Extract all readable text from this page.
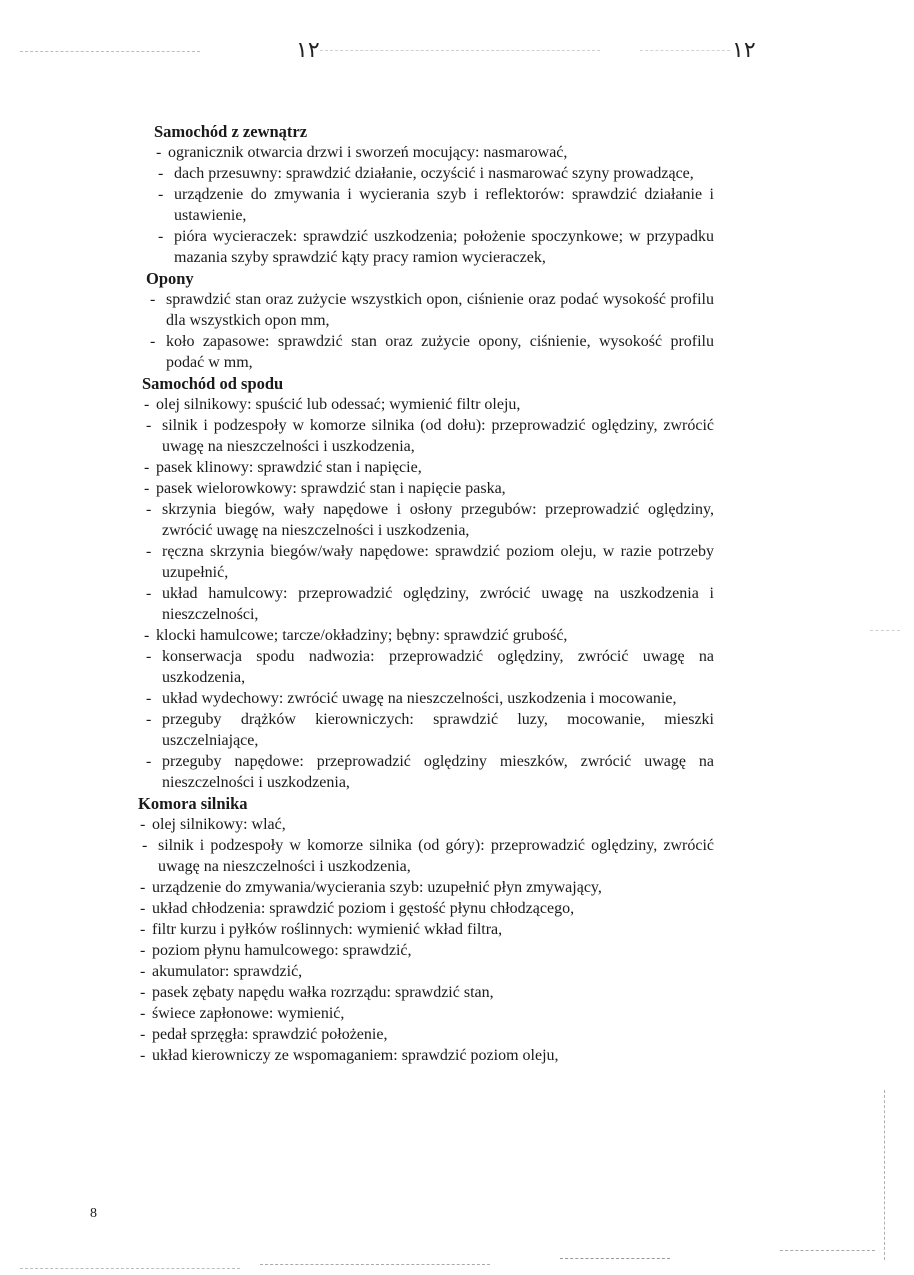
۱۲	۱۲

Samochód z zewnątrz

- ogranicznik otwarcia drzwi i sworzeń mocujący: nasmarować,

- dach przesuwny: sprawdzić działanie, oczyścić i nasmarować szyny prowadzące,

- urządzenie do zmywania i wycierania szyb i reflektorów: sprawdzić działanie i ustawienie,

- pióra wycieraczek: sprawdzić uszkodzenia; położenie spoczynkowe; w przypadku mazania szyby sprawdzić kąty pracy ramion wycieraczek,

Opony

- sprawdzić stan oraz zużycie wszystkich opon, ciśnienie oraz podać wysokość profilu dla wszystkich opon mm,

- koło zapasowe: sprawdzić stan oraz zużycie opony, ciśnienie, wysokość profilu podać w mm,

Samochód od spodu

- olej silnikowy: spuścić lub odessać; wymienić filtr oleju,

- silnik i podzespoły w komorze silnika (od dołu): przeprowadzić oględziny, zwrócić uwagę na nieszczelności i uszkodzenia,

- pasek klinowy: sprawdzić stan i napięcie,

- pasek wielorowkowy: sprawdzić stan i napięcie paska,

- skrzynia biegów, wały napędowe i osłony przegubów: przeprowadzić oględziny, zwrócić uwagę na nieszczelności i uszkodzenia,

- ręczna skrzynia biegów/wały napędowe: sprawdzić poziom oleju, w razie potrzeby uzupełnić,

- układ hamulcowy: przeprowadzić oględziny, zwrócić uwagę na uszkodzenia i nieszczelności,

- klocki hamulcowe; tarcze/okładziny; bębny: sprawdzić grubość,

- konserwacja spodu nadwozia: przeprowadzić oględziny, zwrócić uwagę na uszkodzenia,

- układ wydechowy: zwrócić uwagę na nieszczelności, uszkodzenia i mocowanie,

- przeguby drążków kierowniczych: sprawdzić luzy, mocowanie, mieszki uszczelniające,

- przeguby napędowe: przeprowadzić oględziny mieszków, zwrócić uwagę na nieszczelności i uszkodzenia,

Komora silnika

- olej silnikowy: wlać,

- silnik i podzespoły w komorze silnika (od góry): przeprowadzić oględziny, zwrócić uwagę na nieszczelności i uszkodzenia,

- urządzenie do zmywania/wycierania szyb: uzupełnić płyn zmywający,

- układ chłodzenia: sprawdzić poziom i gęstość płynu chłodzącego,

- filtr kurzu i pyłków roślinnych: wymienić wkład filtra,

- poziom płynu hamulcowego: sprawdzić,

- akumulator: sprawdzić,

- pasek zębaty napędu wałka rozrządu: sprawdzić stan,

- świece zapłonowe: wymienić,

- pedał sprzęgła: sprawdzić położenie,

- układ kierowniczy ze wspomaganiem: sprawdzić poziom oleju,

8
